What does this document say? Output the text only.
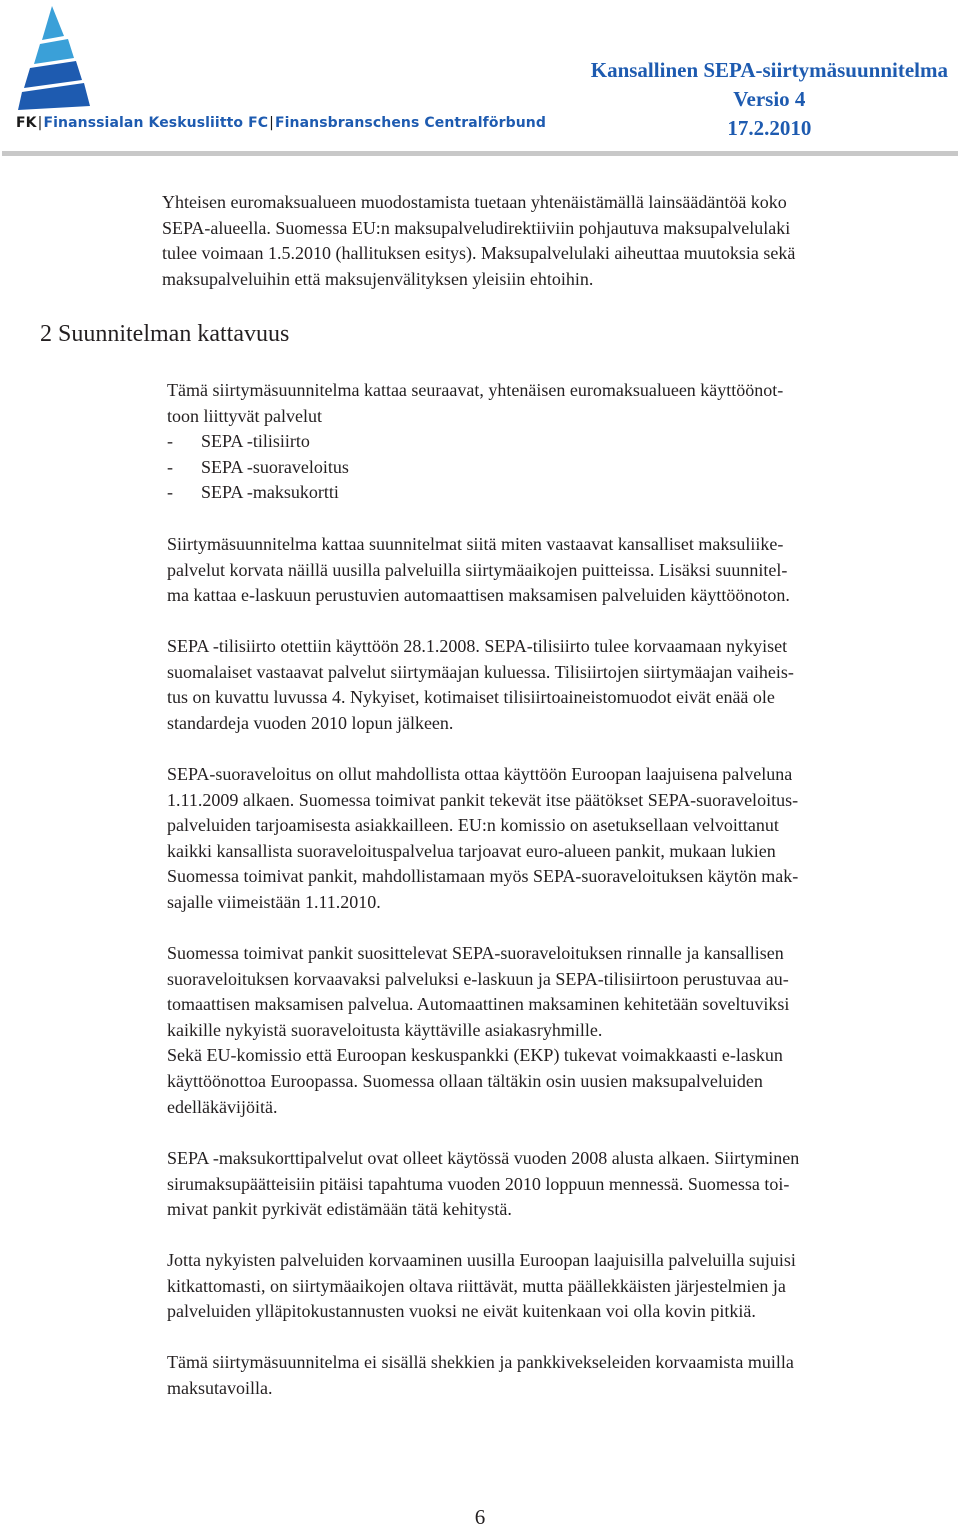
FK|Finanssialan Keskusliitto FC|Finansbranschens Centralförbund
Kansallinen SEPA-siirtymäsuunnitelma
Versio 4
17.2.2010

Yhteisen euromaksualueen muodostamista tuetaan yhtenäistämällä lainsäädäntöä koko
SEPA-alueella. Suomessa EU:n maksupalveludirektiiviin pohjautuva maksupalvelulaki
tulee voimaan 1.5.2010 (hallituksen esitys). Maksupalvelulaki aiheuttaa muutoksia sekä
maksupalveluihin että maksujenvälityksen yleisiin ehtoihin.

2 Suunnitelman kattavuus

Tämä siirtymäsuunnitelma kattaa seuraavat, yhtenäisen euromaksualueen käyttöönot-
toon liittyvät palvelut

- SEPA -tilisiirto
- SEPA -suoraveloitus
- SEPA -maksukortti

Siirtymäsuunnitelma kattaa suunnitelmat siitä miten vastaavat kansalliset maksuliike-
palvelut korvata näillä uusilla palveluilla siirtymäaikojen puitteissa. Lisäksi suunnitel-
ma kattaa e-laskuun perustuvien automaattisen maksamisen palveluiden käyttöönoton.

SEPA -tilisiirto otettiin käyttöön 28.1.2008. SEPA-tilisiirto tulee korvaamaan nykyiset
suomalaiset vastaavat palvelut siirtymäajan kuluessa. Tilisiirtojen siirtymäajan vaiheis-
tus on kuvattu luvussa 4. Nykyiset, kotimaiset tilisiirtoaineistomuodot eivät enää ole
standardeja vuoden 2010 lopun jälkeen.

SEPA-suoraveloitus on ollut mahdollista ottaa käyttöön Euroopan laajuisena palveluna
1.11.2009 alkaen. Suomessa toimivat pankit tekevät itse päätökset SEPA-suoraveloitus-
palveluiden tarjoamisesta asiakkailleen. EU:n komissio on asetuksellaan velvoittanut
kaikki kansallista suoraveloituspalvelua tarjoavat euro-alueen pankit, mukaan lukien
Suomessa toimivat pankit, mahdollistamaan myös SEPA-suoraveloituksen käytön mak-
sajalle viimeistään 1.11.2010.

Suomessa toimivat pankit suosittelevat SEPA-suoraveloituksen rinnalle ja kansallisen
suoraveloituksen korvaavaksi palveluksi e-laskuun ja SEPA-tilisiirtoon perustuvaa au-
tomaattisen maksamisen palvelua. Automaattinen maksaminen kehitetään soveltuviksi
kaikille nykyistä suoraveloitusta käyttäville asiakasryhmille.
Sekä EU-komissio että Euroopan keskuspankki (EKP) tukevat voimakkaasti e-laskun
käyttöönottoa Euroopassa. Suomessa ollaan tältäkin osin uusien maksupalveluiden
edelläkävijöitä.

SEPA -maksukorttipalvelut ovat olleet käytössä vuoden 2008 alusta alkaen. Siirtyminen
sirumaksupäätteisiin pitäisi tapahtuma vuoden 2010 loppuun mennessä. Suomessa toi-
mivat pankit pyrkivät edistämään tätä kehitystä.

Jotta nykyisten palveluiden korvaaminen uusilla Euroopan laajuisilla palveluilla sujuisi
kitkattomasti, on siirtymäaikojen oltava riittävät, mutta päällekkäisten järjestelmien ja
palveluiden ylläpitokustannusten vuoksi ne eivät kuitenkaan voi olla kovin pitkiä.

Tämä siirtymäsuunnitelma ei sisällä shekkien ja pankkivekseleiden korvaamista muilla
maksutavoilla.

6
